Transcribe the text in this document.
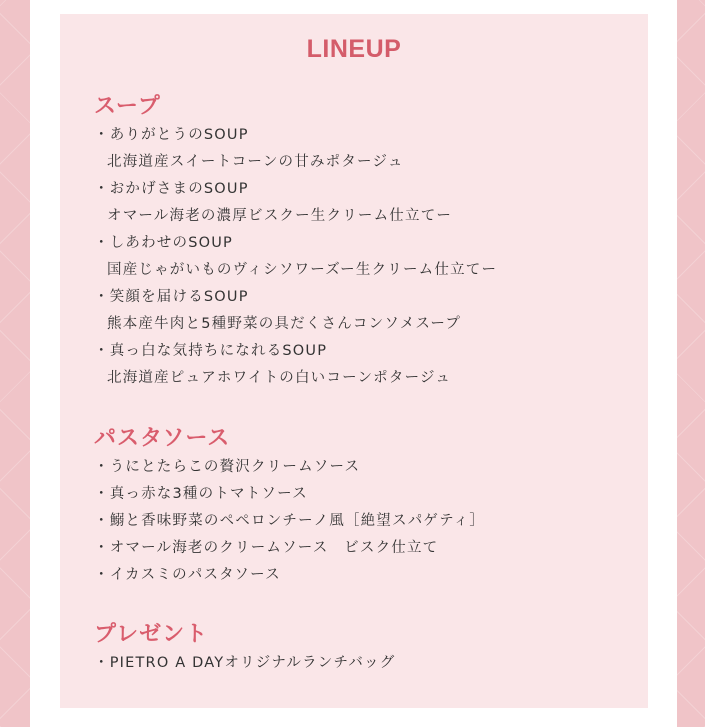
LINEUP
スープ
・ありがとうのSOUP
北海道産スイートコーンの甘みポタージュ
・おかげさまのSOUP
オマール海老の濃厚ビスクー生クリーム仕立てー
・しあわせのSOUP
国産じゃがいものヴィシソワーズー生クリーム仕立てー
・笑顔を届けるSOUP
熊本産牛肉と5種野菜の具だくさんコンソメスープ
・真っ白な気持ちになれるSOUP
北海道産ピュアホワイトの白いコーンポタージュ
パスタソース
・うにとたらこの贅沢クリームソース
・真っ赤な3種のトマトソース
・鰯と香味野菜のペペロンチーノ風［絶望スパゲティ］
・オマール海老のクリームソース　ビスク仕立て
・イカスミのパスタソース
プレゼント
・PIETRO A DAYオリジナルランチバッグ
